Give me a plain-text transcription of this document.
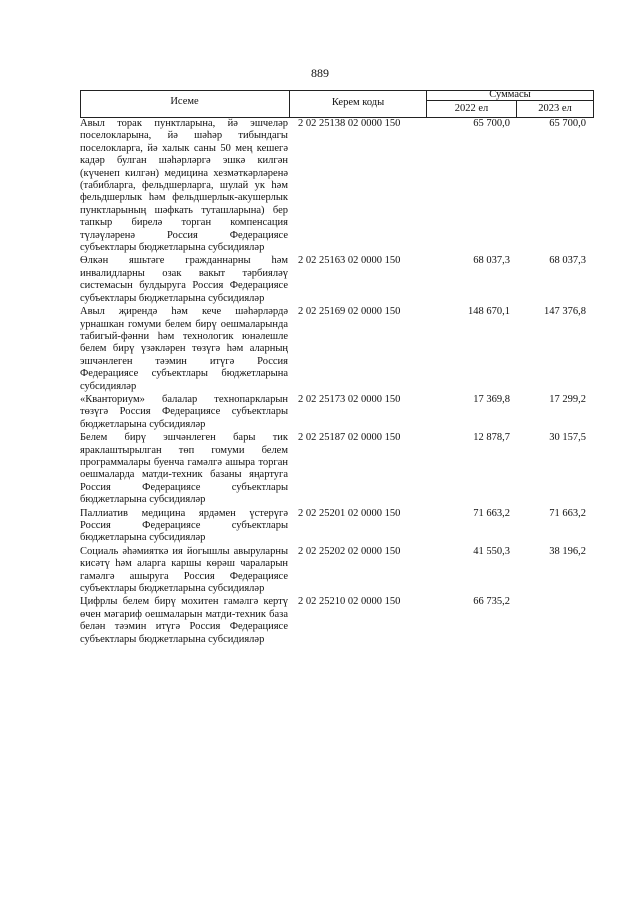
889
Исеме	Керем коды
Суммасы
2022 ел	2023 ел
Авыл торак пунктларына, йә эшчеләр поселокларына, йә шәһәр тибындагы поселокларга, йә халык саны 50 мең кешегә кадәр булган шәһәрләргә эшкә килгән (күченеп килгән) медицина хезмәткәрләренә (табибларга, фельдшерларга, шулай ук һәм фельдшерлык һәм фельдшерлык-акушерлык пунктларының шәфкать туташларына) бер тапкыр бирелә торган компенсация түләүләренә Россия Федерациясе субъектлары бюджетларына субсидияләр
2 02 25138 02 0000 150	65 700,0	65 700,0
Өлкән яшьтәге гражданнарны һәм инвалидларны озак вакыт тәрбияләү системасын булдыруга Россия Федерациясе субъектлары бюджетларына субсидияләр
2 02 25163 02 0000 150	68 037,3	68 037,3
Авыл җирендә һәм кече шәһәрләрдә урнашкан гомуми белем бирү оешмаларында табигый-фәнни һәм технологик юнәлешле белем бирү үзәкләрен төзүгә һәм аларның эшчәнлеген тәэмин итүгә Россия Федерациясе субъектлары бюджетларына субсидияләр
2 02 25169 02 0000 150	148 670,1	147 376,8
«Кванториум» балалар технопаркларын төзүгә Россия Федерациясе субъектлары бюджетларына субсидияләр
2 02 25173 02 0000 150	17 369,8	17 299,2
Белем бирү эшчәнлеген бары тик яраклаштырылган төп гомуми белем программалары буенча гамәлгә ашыра торган оешмаларда матди-техник базаны яңартуга Россия Федерациясе субъектлары бюджетларына субсидияләр
2 02 25187 02 0000 150	12 878,7	30 157,5
Паллиатив медицина ярдәмен үстерүгә Россия Федерациясе субъектлары бюджетларына субсидияләр
2 02 25201 02 0000 150	71 663,2	71 663,2
Социаль әһәмияткә ия йогышлы авыруларны кисәтү һәм аларга каршы көрәш чараларын гамәлгә ашыруга Россия Федерациясе субъектлары бюджетларына субсидияләр
2 02 25202 02 0000 150	41 550,3	38 196,2
Цифрлы белем бирү мохитен гамәлгә кертү өчен мәгариф оешмаларын матди-техник база белән тәэмин итүгә Россия Федерациясе субъектлары бюджетларына субсидияләр
2 02 25210 02 0000 150	66 735,2
